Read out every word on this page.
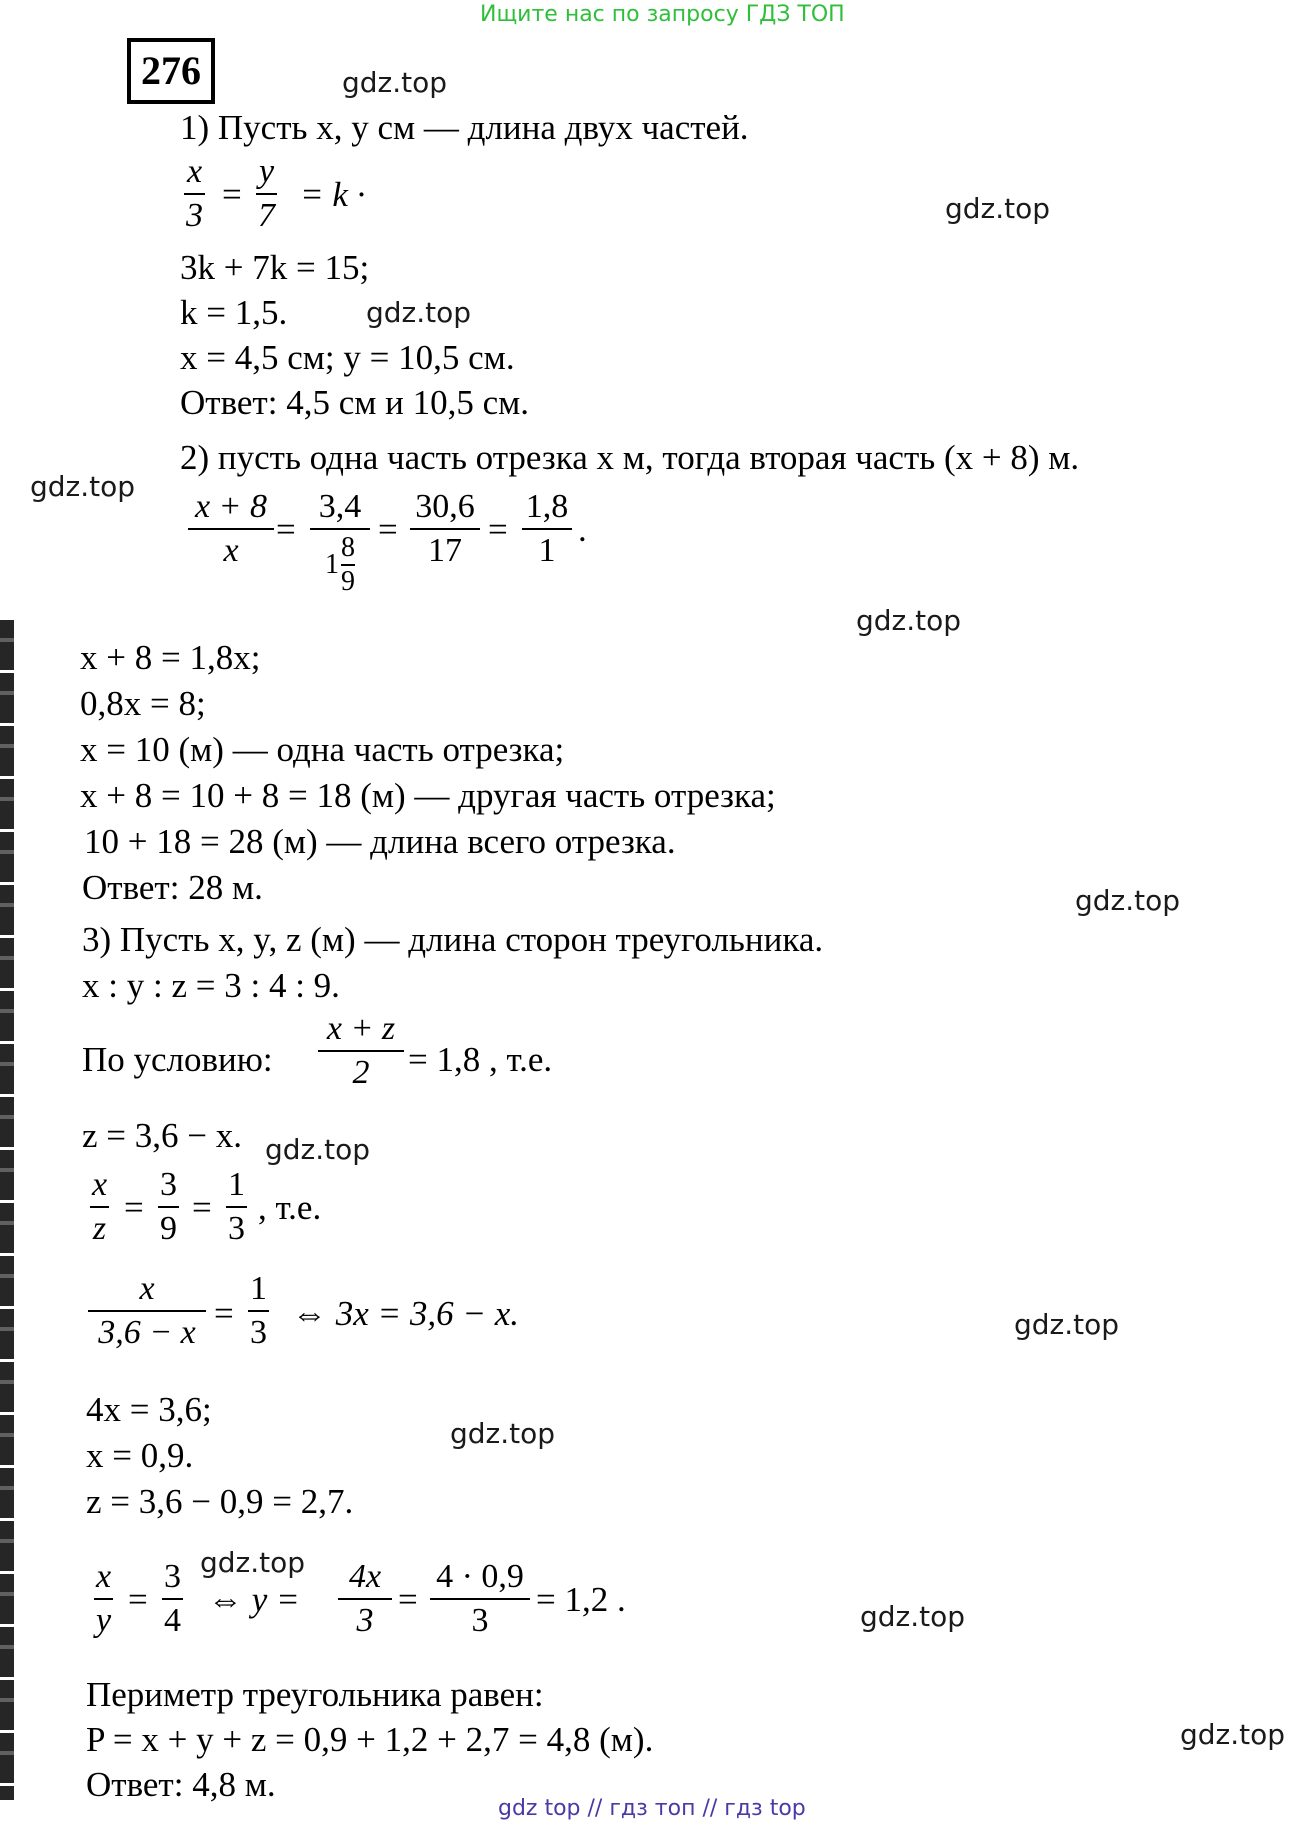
Ищите нас по запросу ГДЗ ТОП
276	gdz.top
gdz.top
gdz.top
gdz.top
gdz.top
gdz.top
gdz.top
gdz.top
gdz.top
gdz.top
gdz.top
gdz.top
1) Пусть x, y см — длина двух частей.
$\frac{x}{3} = \frac{y}{7} = k$ ·
3k + 7k = 15;
k = 1,5.
x = 4,5 см; y = 10,5 см.
Ответ: 4,5 см и 10,5 см.
2) пусть одна часть отрезка x м, тогда вторая часть (x + 8) м.
$\frac{x + 8}{x} = \frac{3,4}{1 \frac{8}{9}} = \frac{30,6}{17} = \frac{1,8}{1}$ .
x + 8 = 1,8x;
0,8x = 8;
x = 10 (м) — одна часть отрезка;
x + 8 = 10 + 8 = 18 (м) — другая часть отрезка;
10 + 18 = 28 (м) — длина всего отрезка.
Ответ: 28 м.
3) Пусть x, y, z (м) — длина сторон треугольника.
x : y : z = 3 : 4 : 9.
По условию: $\frac{x + z}{2} = 1,8$ , т.е.
z = 3,6 − x.
$\frac{x}{z} = \frac{3}{9} = \frac{1}{3}$ , т.е.
$\frac{x}{3,6 - x} = \frac{1}{3}$ ⇔ 3x = 3,6 − x.
4x = 3,6;
x = 0,9.
z = 3,6 − 0,9 = 2,7.
$\frac{x}{y} = \frac{3}{4}$ ⇔ $y = \frac{4x}{3} = \frac{4 \cdot 0,9}{3} = 1,2$ .
Периметр треугольника равен:
P = x + y + z = 0,9 + 1,2 + 2,7 = 4,8 (м).
Ответ: 4,8 м.
gdz top // гдз топ // гдз top
